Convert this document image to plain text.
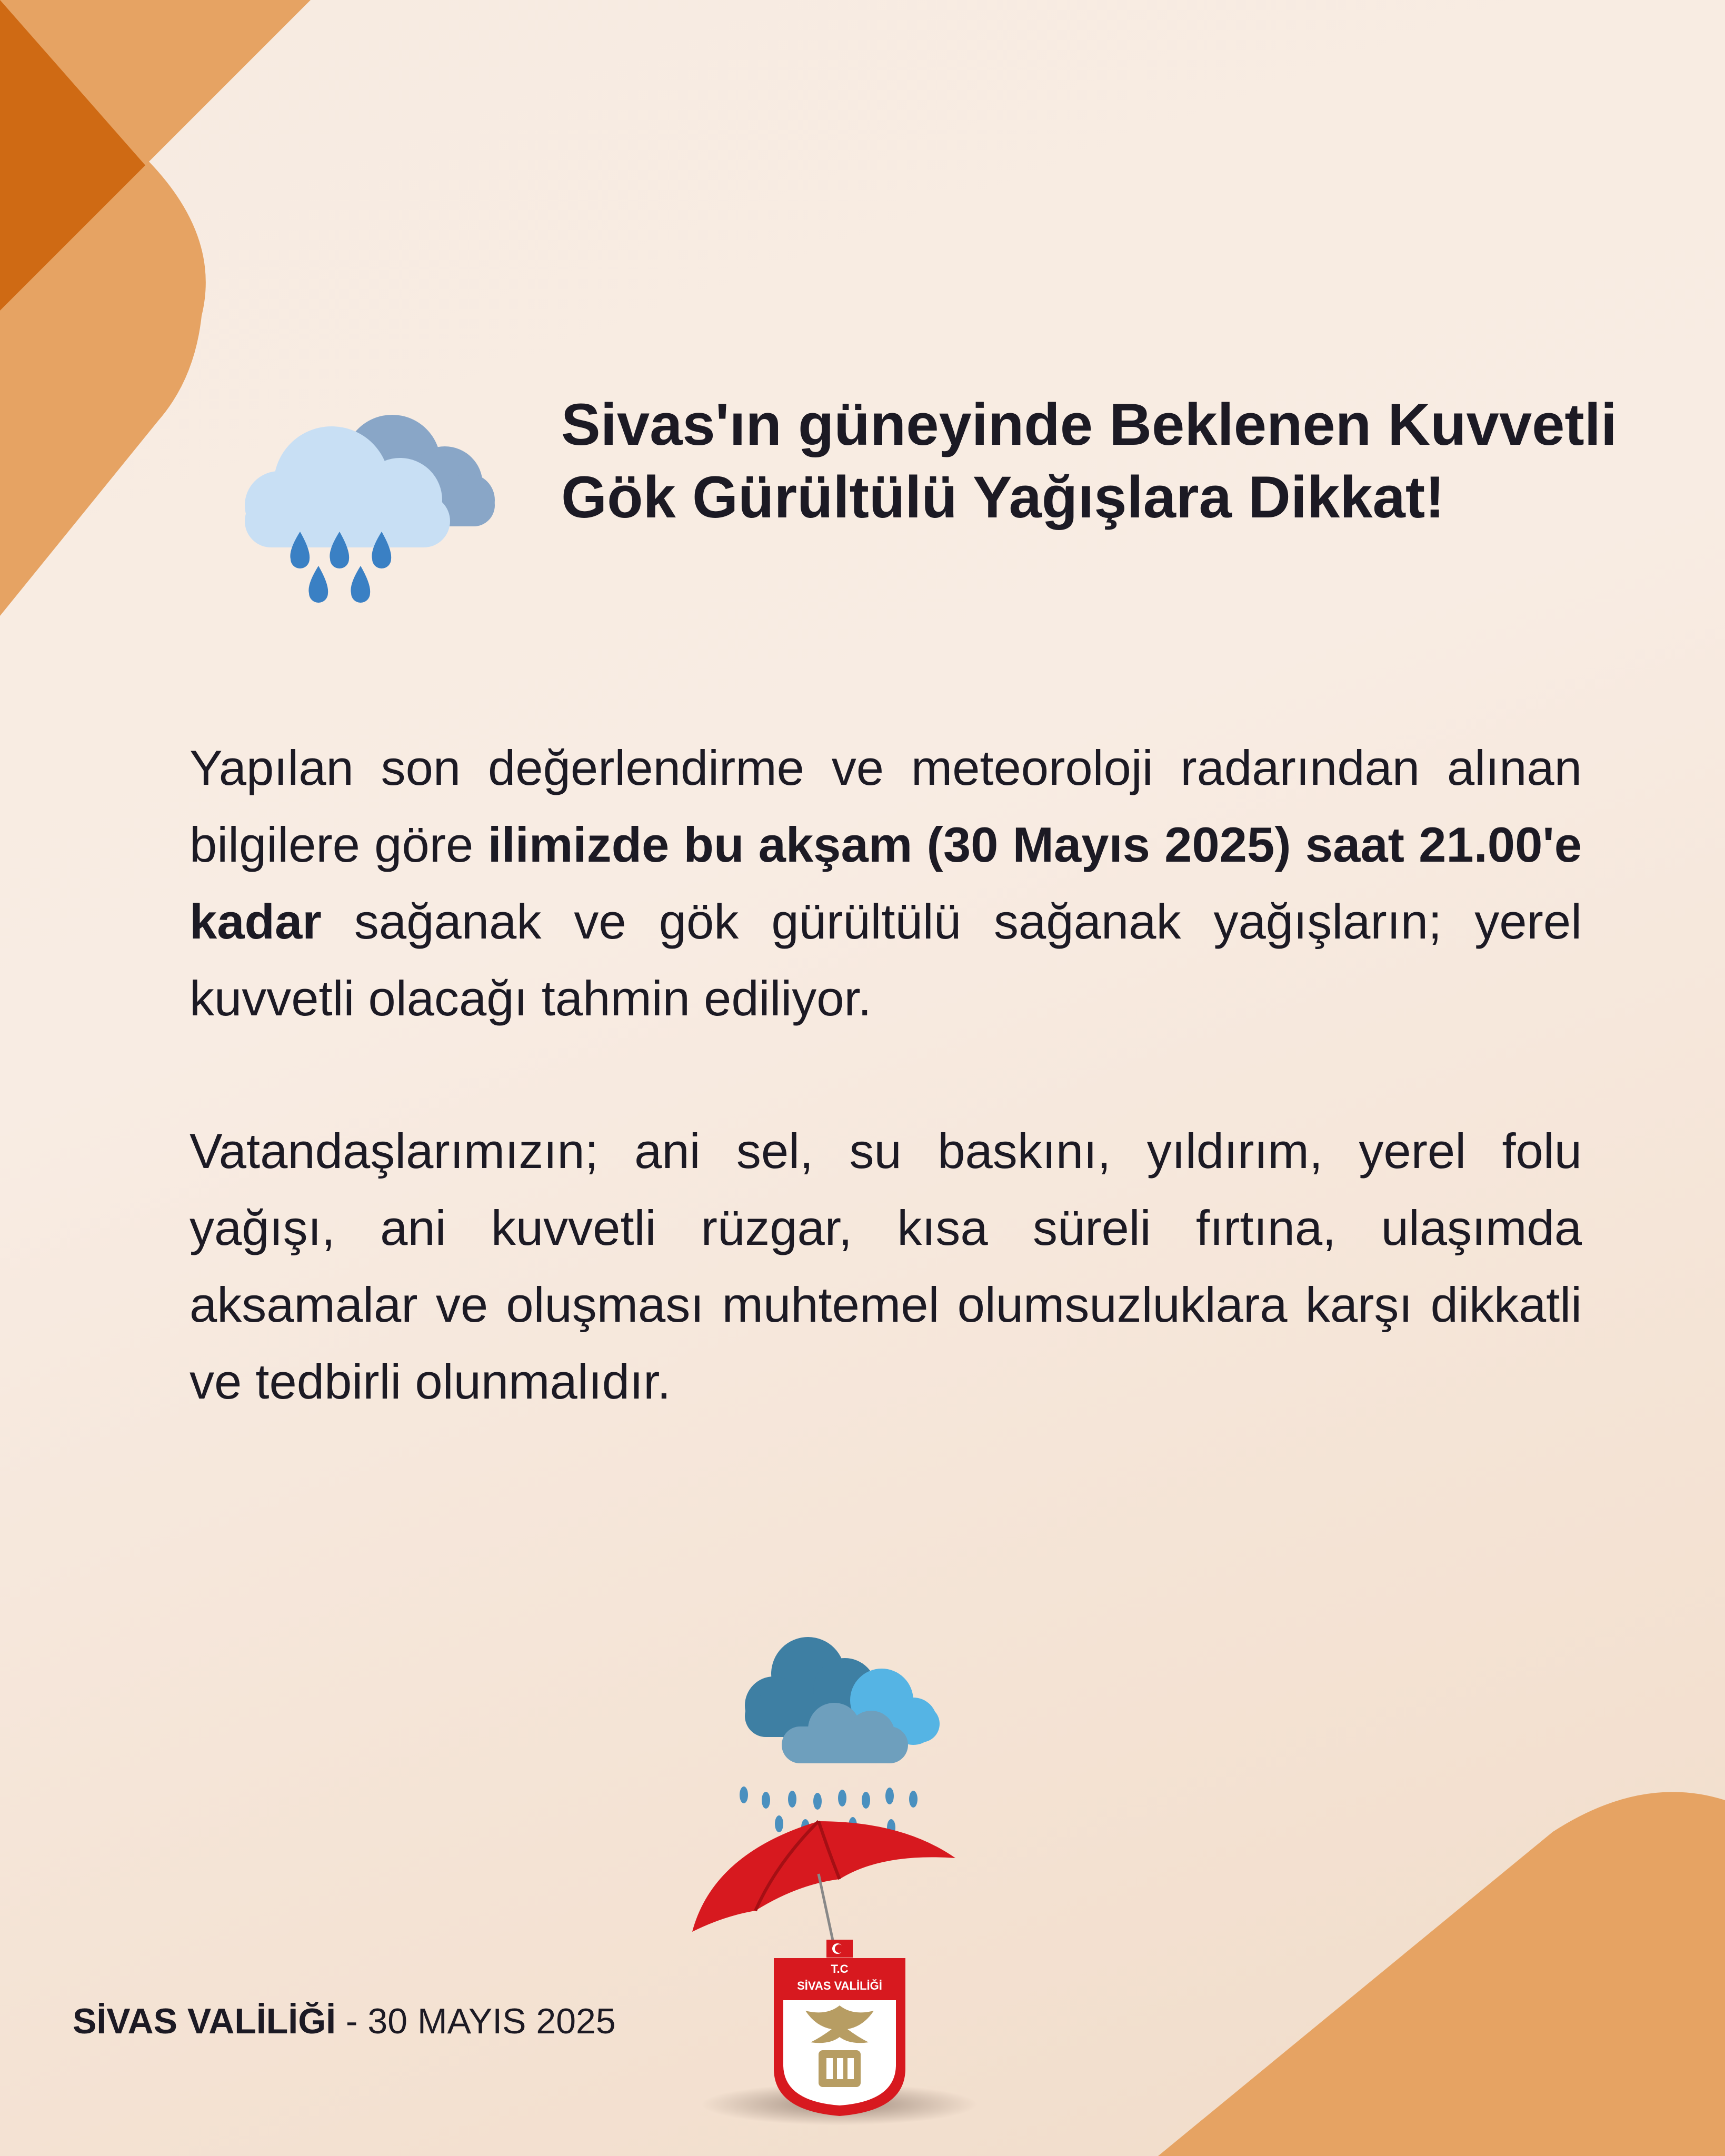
Sivas'ın güneyinde Beklenen Kuvvetli Gök Gürültülü Yağışlara Dikkat!

Yapılan son değerlendirme ve meteoroloji radarından alınan bilgilere göre ilimizde bu akşam (30 Mayıs 2025) saat 21.00'e kadar sağanak ve gök gürültülü sağanak yağışların; yerel kuvvetli olacağı tahmin ediliyor.

Vatandaşlarımızın; ani sel, su baskını, yıldırım, yerel folu yağışı, ani kuvvetli rüzgar, kısa süreli fırtına, ulaşımda aksamalar ve oluşması muhtemel olumsuzluklara karşı dikkatli ve tedbirli olunmalıdır.

T.C
SİVAS VALİLİĞİ
SİVAS VALİLİĞİ - 30 MAYIS 2025
